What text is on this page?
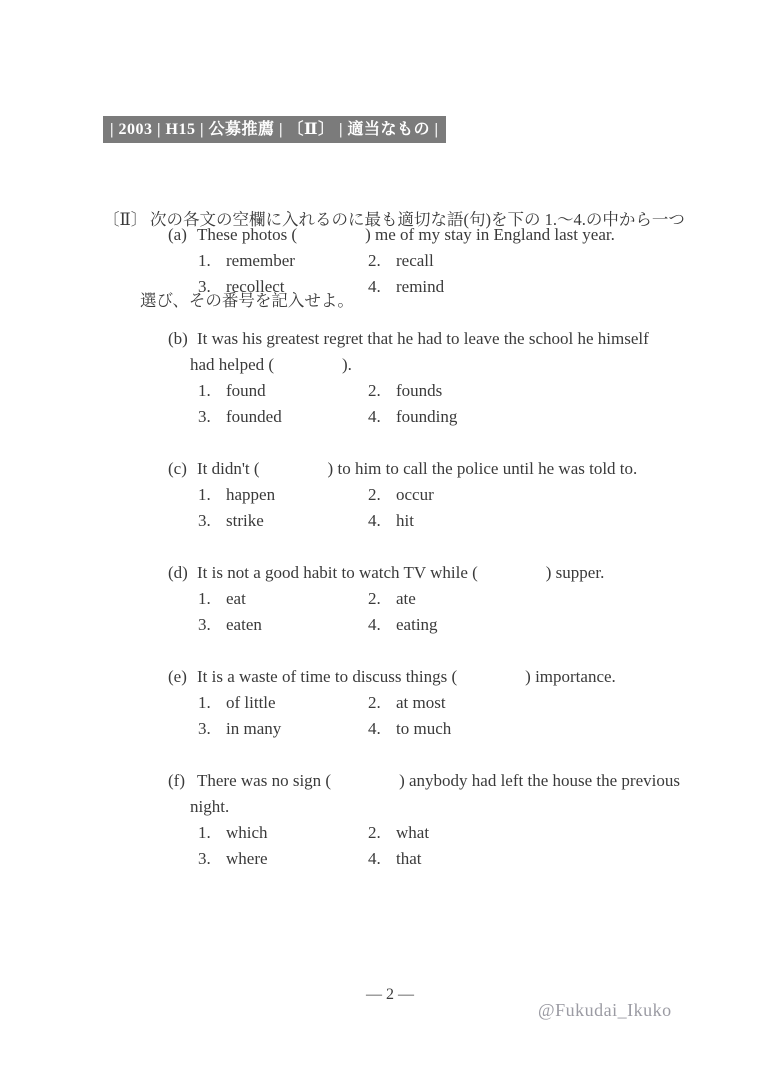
| 2003 | H15 | 公募推薦 | 〔Ⅱ〕 | 適当なもの |

〔Ⅱ〕 次の各文の空欄に入れるのに最も適切な語(句)を下の 1.～4.の中から一つ

選び、その番号を記入せよ。

(a) These photos (                ) me of my stay in England last year.
1. remember	2. recall
3. recollect	4. remind
(b) It was his greatest regret that he had to leave the school he himself
had helped (                ).
1. found	2. founds
3. founded	4. founding
(c) It didn't (                ) to him to call the police until he was told to.
1. happen	2. occur
3. strike	4. hit
(d) It is not a good habit to watch TV while (                ) supper.
1. eat	2. ate
3. eaten	4. eating
(e) It is a waste of time to discuss things (                ) importance.
1. of little	2. at most
3. in many	4. to much
(f) There was no sign (                ) anybody had left the house the previous
night.
1. which	2. what
3. where	4. that
— 2 —
@Fukudai_Ikuko
